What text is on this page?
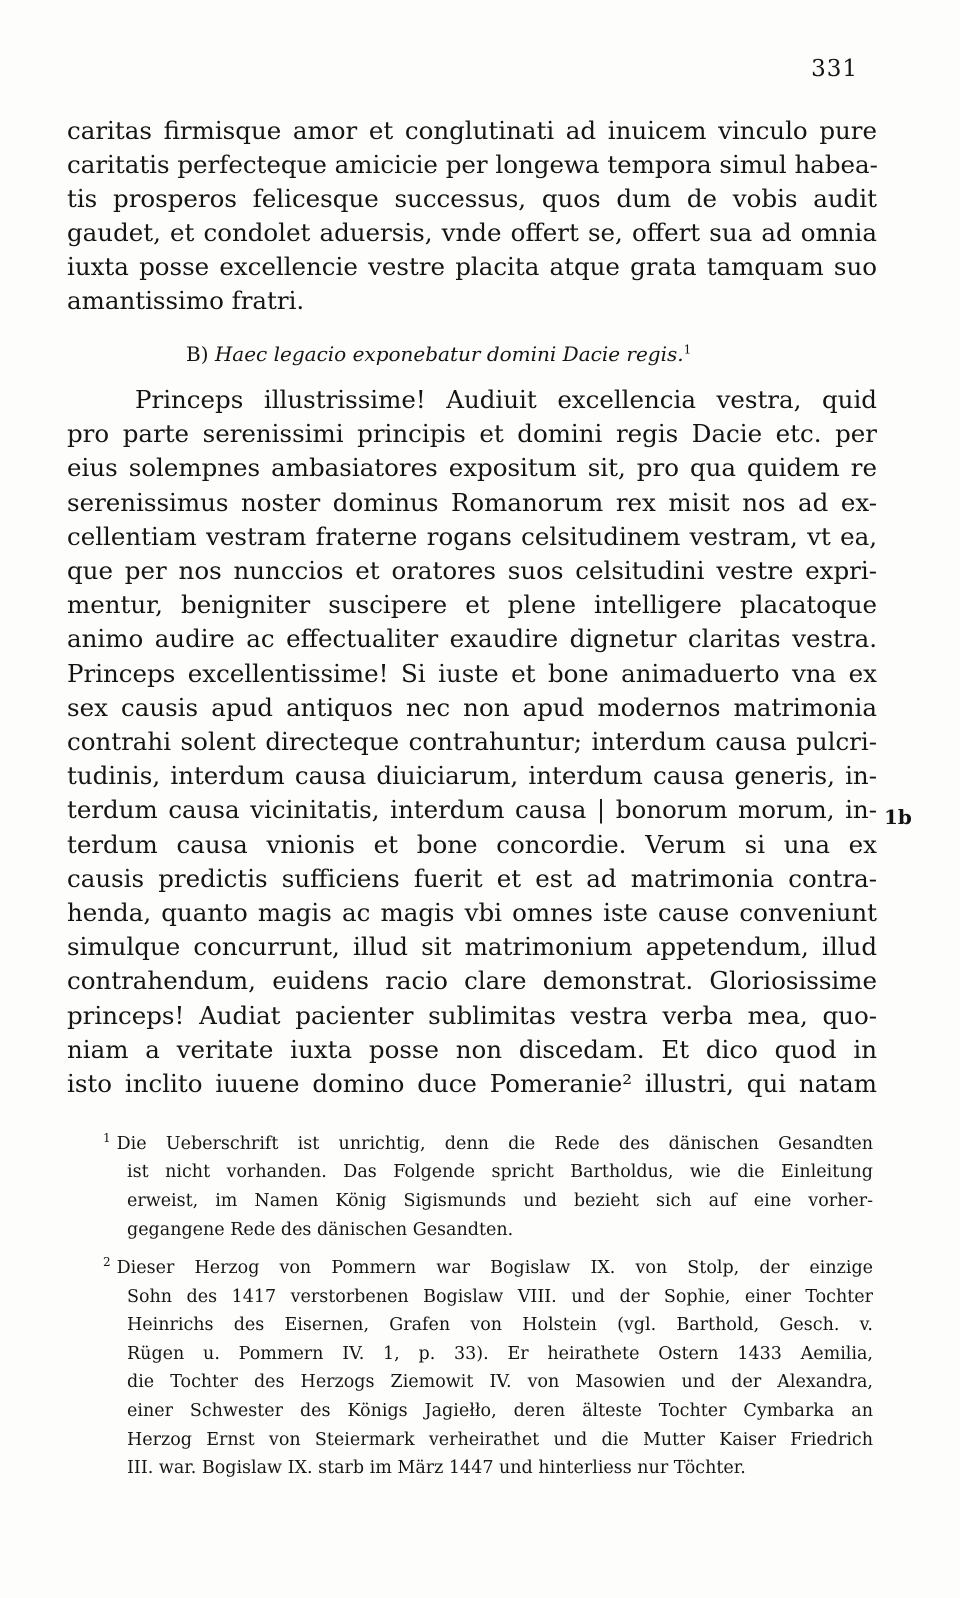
331
caritas firmisque amor et conglutinati ad inuicem vinculo pure
caritatis perfecteque amicicie per longewa tempora simul habea-
tis prosperos felicesque successus, quos dum de vobis audit
gaudet, et condolet aduersis, vnde offert se, offert sua ad omnia
iuxta posse excellencie vestre placita atque grata tamquam suo
amantissimo fratri.
B) Haec legacio exponebatur domini Dacie regis.$^1$
Princeps illustrissime! Audiuit excellencia vestra, quid
pro parte serenissimi principis et domini regis Dacie etc. per
eius solempnes ambasiatores expositum sit, pro qua quidem re
serenissimus noster dominus Romanorum rex misit nos ad ex-
cellentiam vestram fraterne rogans celsitudinem vestram, vt ea,
que per nos nunccios et oratores suos celsitudini vestre expri-
mentur, benigniter suscipere et plene intelligere placatoque
animo audire ac effectualiter exaudire dignetur claritas vestra.
Princeps excellentissime! Si iuste et bone animaduerto vna ex
sex causis apud antiquos nec non apud modernos matrimonia
contrahi solent directeque contrahuntur; interdum causa pulcri-
tudinis, interdum causa diuiciarum, interdum causa generis, in-
terdum causa vicinitatis, interdum causa | bonorum morum, in-
terdum causa vnionis et bone concordie. Verum si una ex
causis predictis sufficiens fuerit et est ad matrimonia contra-
henda, quanto magis ac magis vbi omnes iste cause conveniunt
simulque concurrunt, illud sit matrimonium appetendum, illud
contrahendum, euidens racio clare demonstrat. Gloriosissime
princeps! Audiat pacienter sublimitas vestra verba mea, quo-
niam a veritate iuxta posse non discedam. Et dico quod in
isto inclito iuuene domino duce Pomeranie² illustri, qui natam
1b
$^1$ Die Ueberschrift ist unrichtig, denn die Rede des dänischen Gesandten
ist nicht vorhanden. Das Folgende spricht Bartholdus, wie die Einleitung
erweist, im Namen König Sigismunds und bezieht sich auf eine vorher-
gegangene Rede des dänischen Gesandten.
$^2$ Dieser Herzog von Pommern war Bogislaw IX. von Stolp, der einzige
Sohn des 1417 verstorbenen Bogislaw VIII. und der Sophie, einer Tochter
Heinrichs des Eisernen, Grafen von Holstein (vgl. Barthold, Gesch. v.
Rügen u. Pommern IV. 1, p. 33). Er heirathete Ostern 1433 Aemilia,
die Tochter des Herzogs Ziemowit IV. von Masowien und der Alexandra,
einer Schwester des Königs Jagiełło, deren älteste Tochter Cymbarka an
Herzog Ernst von Steiermark verheirathet und die Mutter Kaiser Friedrich
III. war. Bogislaw IX. starb im März 1447 und hinterliess nur Töchter.
